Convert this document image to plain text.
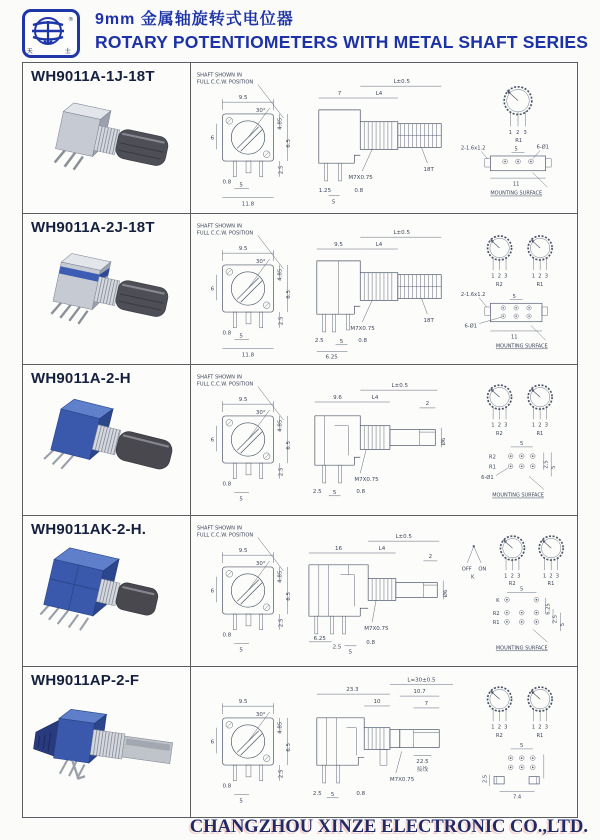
®
天	士
9mm 金属轴旋转式电位器
ROTARY POTENTIOMETERS WITH METAL SHAFT SERIES
WH9011A-1J-18T	SHAFT SHOWN IN
FULL C.C.W. POSITION
9.5
30°
6
4.85
6.5
2.5
0.8 5
11.8
L±0.5
7	L4
M7X0.75
18T
1.25
5
0.8
1 2 3
R1
5
2-1.6x1.2	6-Ø1
11
MOUNTING SURFACE
WH9011A-2J-18T	SHAFT SHOWN IN
FULL C.C.W. POSITION
9.5
30°
6
4.85
6.5
2.5
0.8 5
11.8
L±0.5
9.5	L4
M7X0.75
18T
2.5	5	0.8
6.25
1 2 3
R2
1 2 3
R1
5
2-1.6x1.2
6-Ø1
11
MOUNTING SURFACE
WH9011A-2-H	SHAFT SHOWN IN
FULL C.C.W. POSITION
9.5
30°
6
4.85
6.5
2.5
0.8
5
L±0.5
9.6	L4
2
Ø6
M7X0.75
2.5 5	0.8
1 2 3
R2
1 2 3
R1
5
R2
R1
6-Ø1
2.5 5
MOUNTING SURFACE
WH9011AK-2-H.	SHAFT SHOWN IN
FULL C.C.W. POSITION
9.5
30°
6
4.85
6.5
2.5
0.8
5
L±0.5
16	L4
2
Ø6
M7X0.75
6.25
2.5
5
0.8
OFF ON
K	1 2 3
R2
1 2 3
R1
5
K
R2
R1
6.25
2.5
5
MOUNTING SURFACE
WH9011AP-2-F
9.5
30°
6
4.85
6.5
2.5
0.8
5
23.3
L=30±0.5
10
10.7
7
M7X0.75
22.5
接线
2.5 5	0.8
1 2 3
R2
1 2 3
R1
5
2.5
7.4
CHANGZHOU XINZE ELECTRONIC CO.,LTD.
